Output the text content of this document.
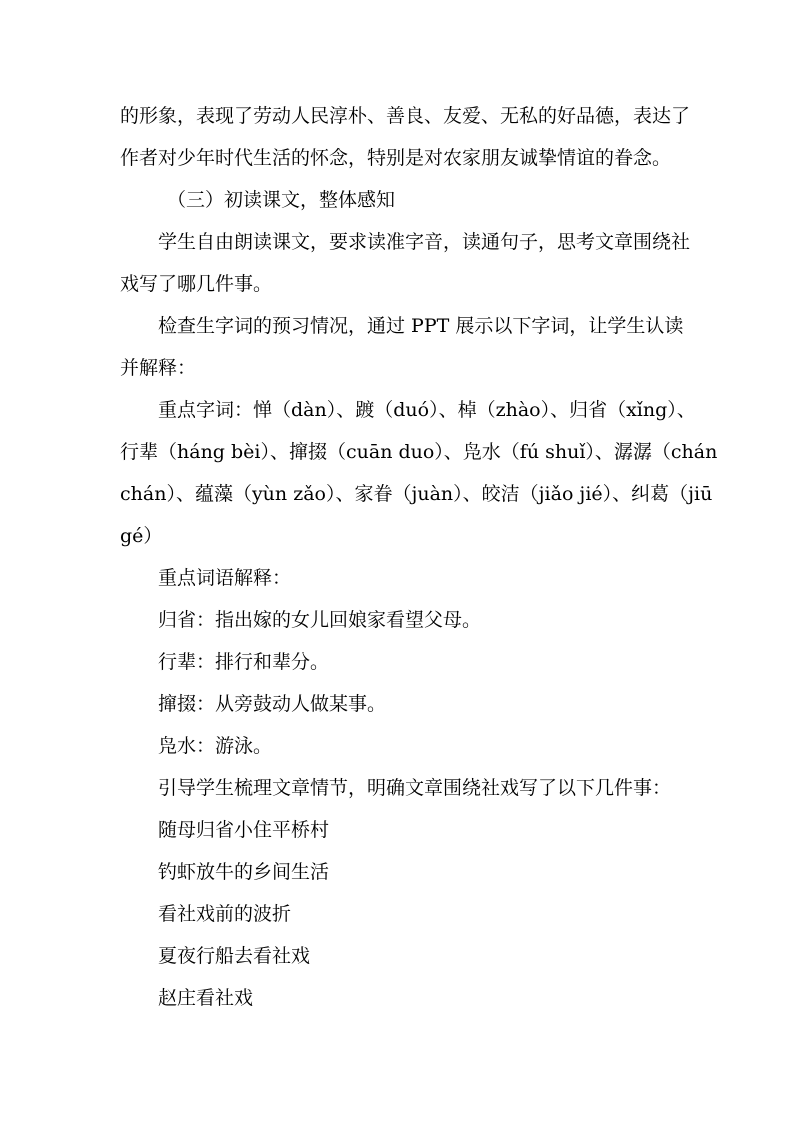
的形象，表现了劳动人民淳朴、善良、友爱、无私的好品德，表达了
作者对少年时代生活的怀念，特别是对农家朋友诚挚情谊的眷念。
（三）初读课文，整体感知
学生自由朗读课文，要求读准字音，读通句子，思考文章围绕社
戏写了哪几件事。
检查生字词的预习情况，通过 PPT 展示以下字词，让学生认读
并解释：
重点字词：惮（dàn）、踱（duó）、棹（zhào）、归省（xǐng）、
行辈（háng bèi）、撺掇（cuān duo）、凫水（fú shuǐ）、潺潺（chán
chán）、蕴藻（yùn zǎo）、家眷（juàn）、皎洁（jiǎo jié）、纠葛（jiū
gé）
重点词语解释：
归省：指出嫁的女儿回娘家看望父母。
行辈：排行和辈分。
撺掇：从旁鼓动人做某事。
凫水：游泳。
引导学生梳理文章情节，明确文章围绕社戏写了以下几件事：
随母归省小住平桥村
钓虾放牛的乡间生活
看社戏前的波折
夏夜行船去看社戏
赵庄看社戏
